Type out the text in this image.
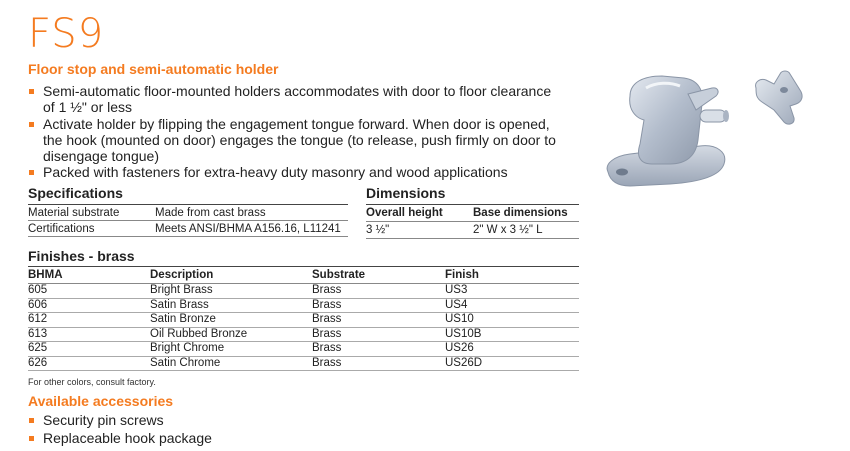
FS9
Floor stop and semi-automatic holder
Semi-automatic floor-mounted holders accommodates with door to floor clearance of 1 ½" or less
Activate holder by flipping the engagement tongue forward. When door is opened, the hook (mounted on door) engages the tongue (to release, push firmly on door to disengage tongue)
Packed with fasteners for extra-heavy duty masonry and wood applications
Specifications
Material substrate	Made from cast brass
Certifications	Meets ANSI/BHMA A156.16, L11241
Dimensions
Overall height	Base dimensions
3 ½"	2" W x 3 ½" L
Finishes - brass
BHMA	Description	Substrate	Finish
605	Bright Brass	Brass	US3
606	Satin Brass	Brass	US4
612	Satin Bronze	Brass	US10
613	Oil Rubbed Bronze	Brass	US10B
625	Bright Chrome	Brass	US26
626	Satin Chrome	Brass	US26D
For other colors, consult factory.
Available accessories
Security pin screws
Replaceable hook package
